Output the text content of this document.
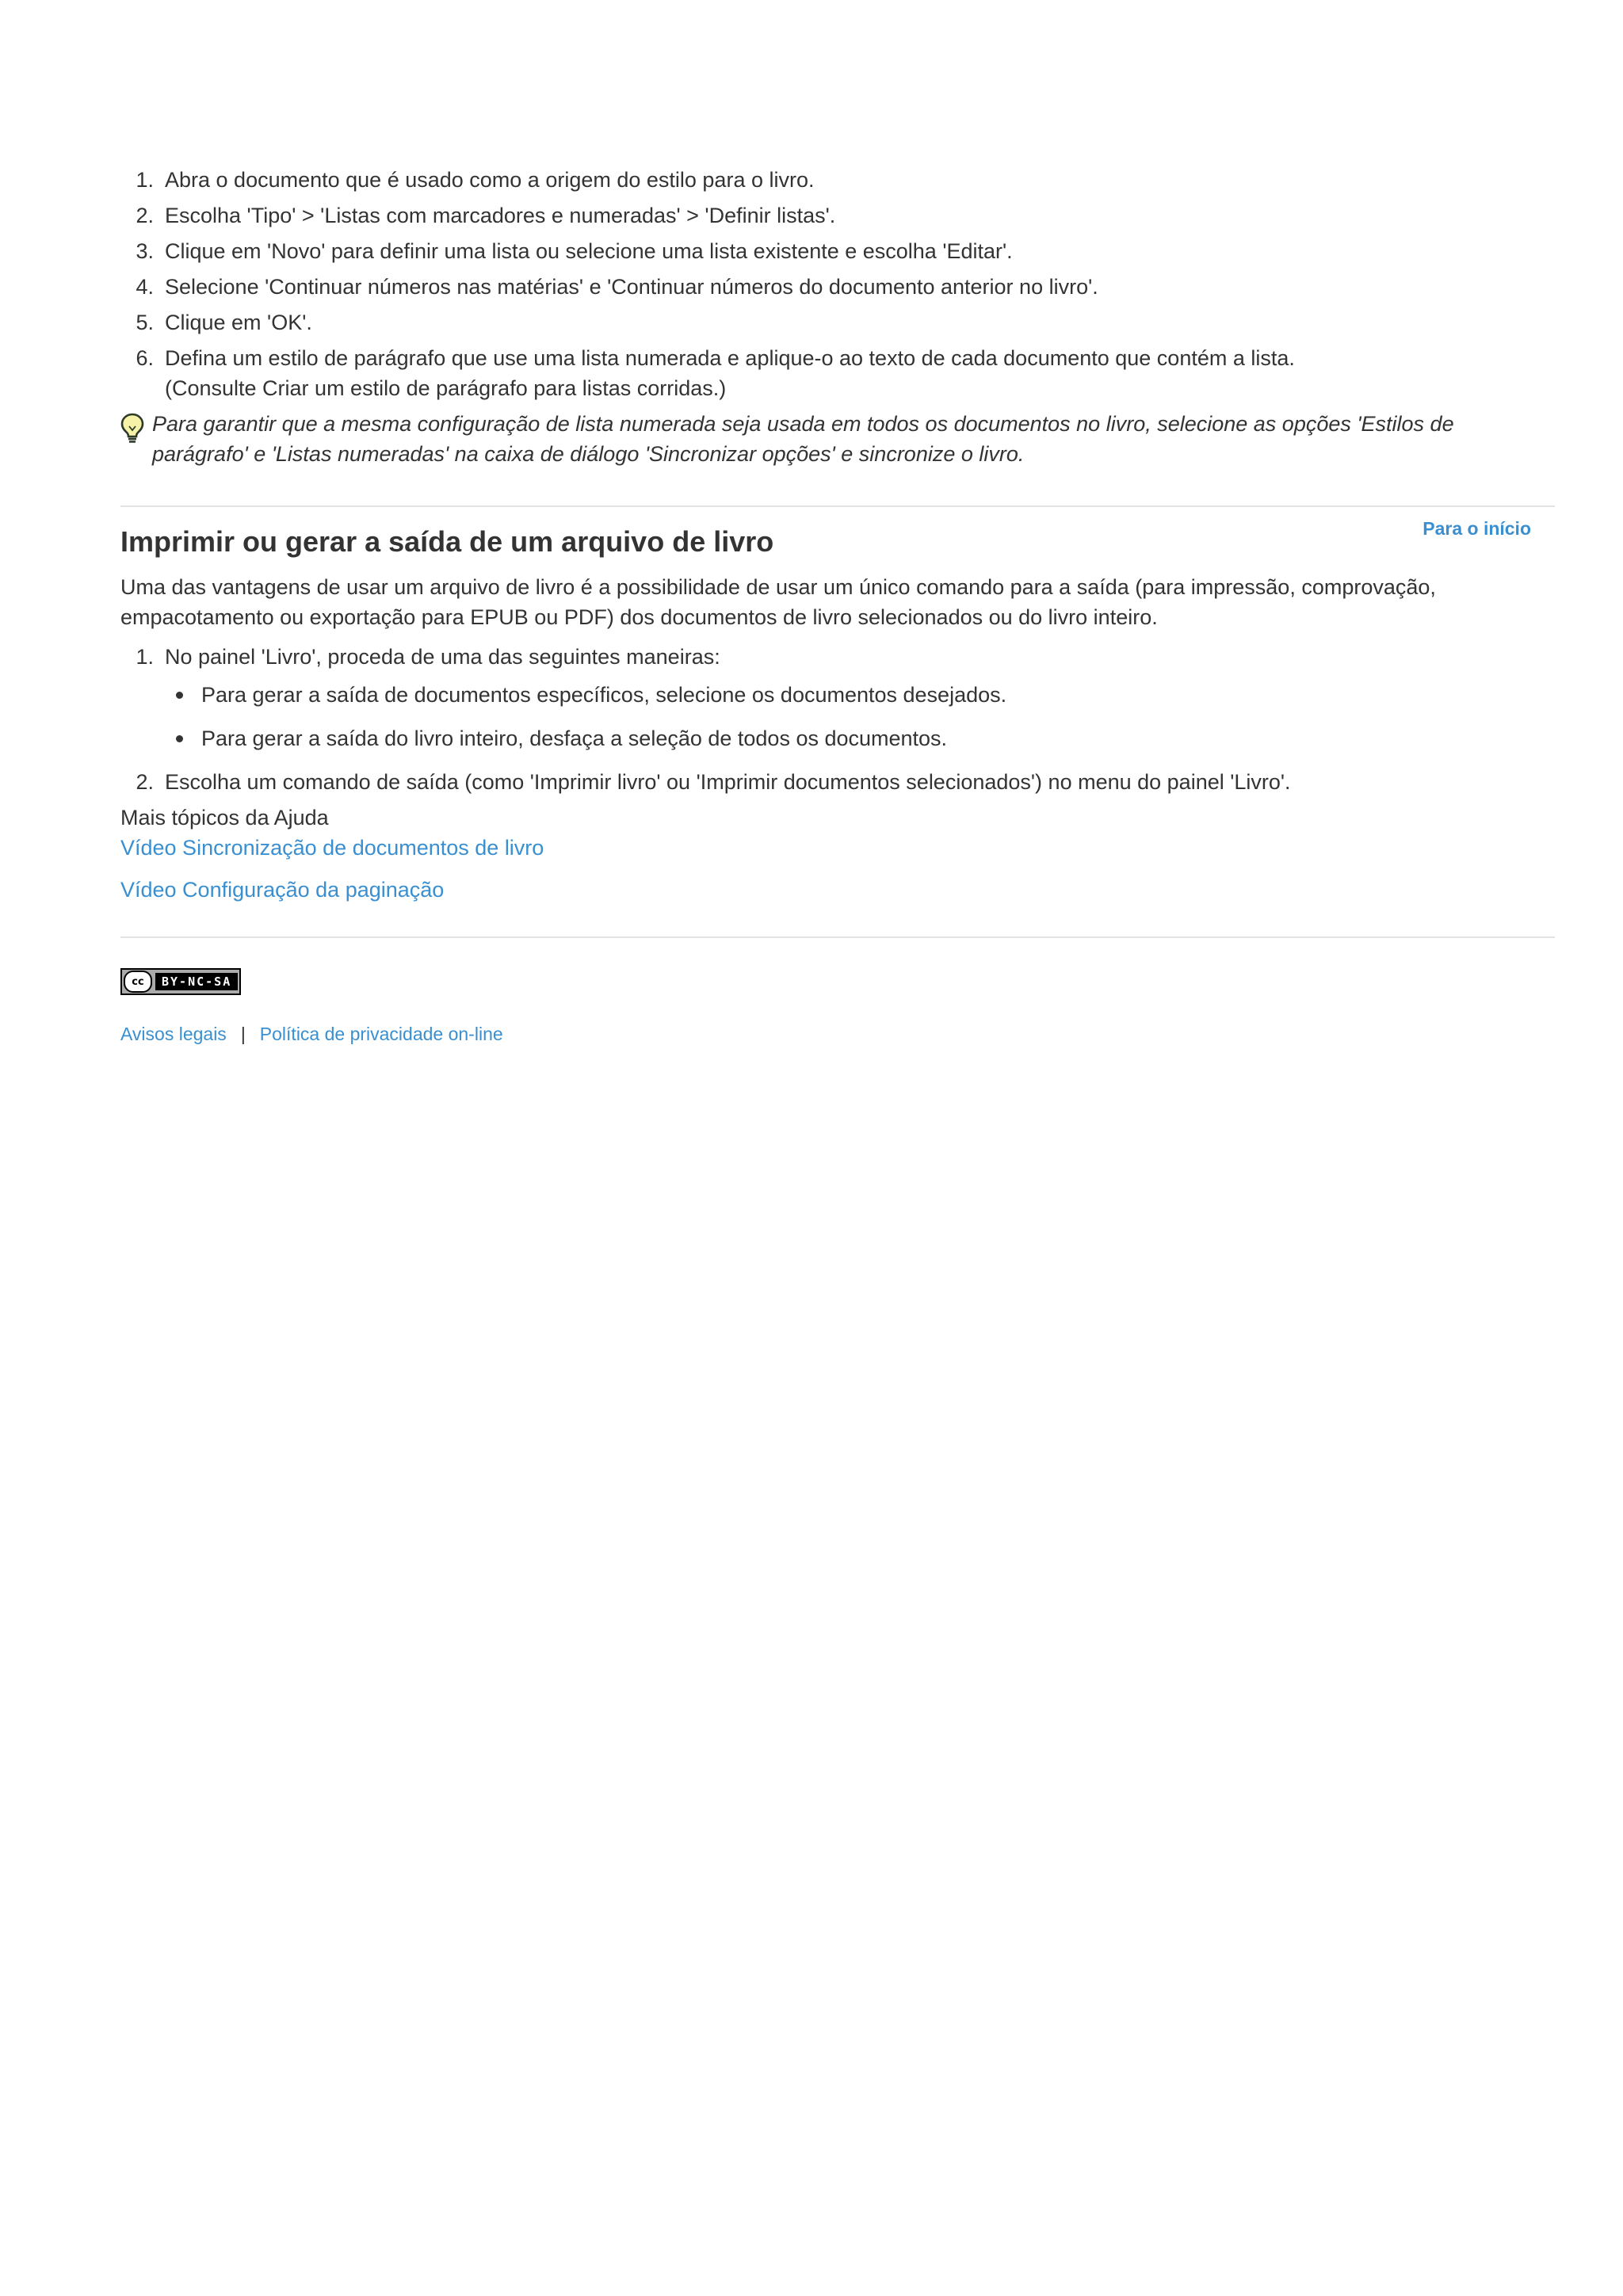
1. Abra o documento que é usado como a origem do estilo para o livro.
2. Escolha 'Tipo' > 'Listas com marcadores e numeradas' > 'Definir listas'.
3. Clique em 'Novo' para definir uma lista ou selecione uma lista existente e escolha 'Editar'.
4. Selecione 'Continuar números nas matérias' e 'Continuar números do documento anterior no livro'.
5. Clique em 'OK'.
6. Defina um estilo de parágrafo que use uma lista numerada e aplique-o ao texto de cada documento que contém a lista.
(Consulte Criar um estilo de parágrafo para listas corridas.)
Para garantir que a mesma configuração de lista numerada seja usada em todos os documentos no livro, selecione as opções 'Estilos de parágrafo' e 'Listas numeradas' na caixa de diálogo 'Sincronizar opções' e sincronize o livro.
Imprimir ou gerar a saída de um arquivo de livro	Para o início

Uma das vantagens de usar um arquivo de livro é a possibilidade de usar um único comando para a saída (para impressão, comprovação, empacotamento ou exportação para EPUB ou PDF) dos documentos de livro selecionados ou do livro inteiro.

1. No painel 'Livro', proceda de uma das seguintes maneiras:
Para gerar a saída de documentos específicos, selecione os documentos desejados.
Para gerar a saída do livro inteiro, desfaça a seleção de todos os documentos.
2. Escolha um comando de saída (como 'Imprimir livro' ou 'Imprimir documentos selecionados') no menu do painel 'Livro'.
Mais tópicos da Ajuda
Vídeo Sincronização de documentos de livro
Vídeo Configuração da paginação
cc	BY-NC-SA
Avisos legais | Política de privacidade on-line
